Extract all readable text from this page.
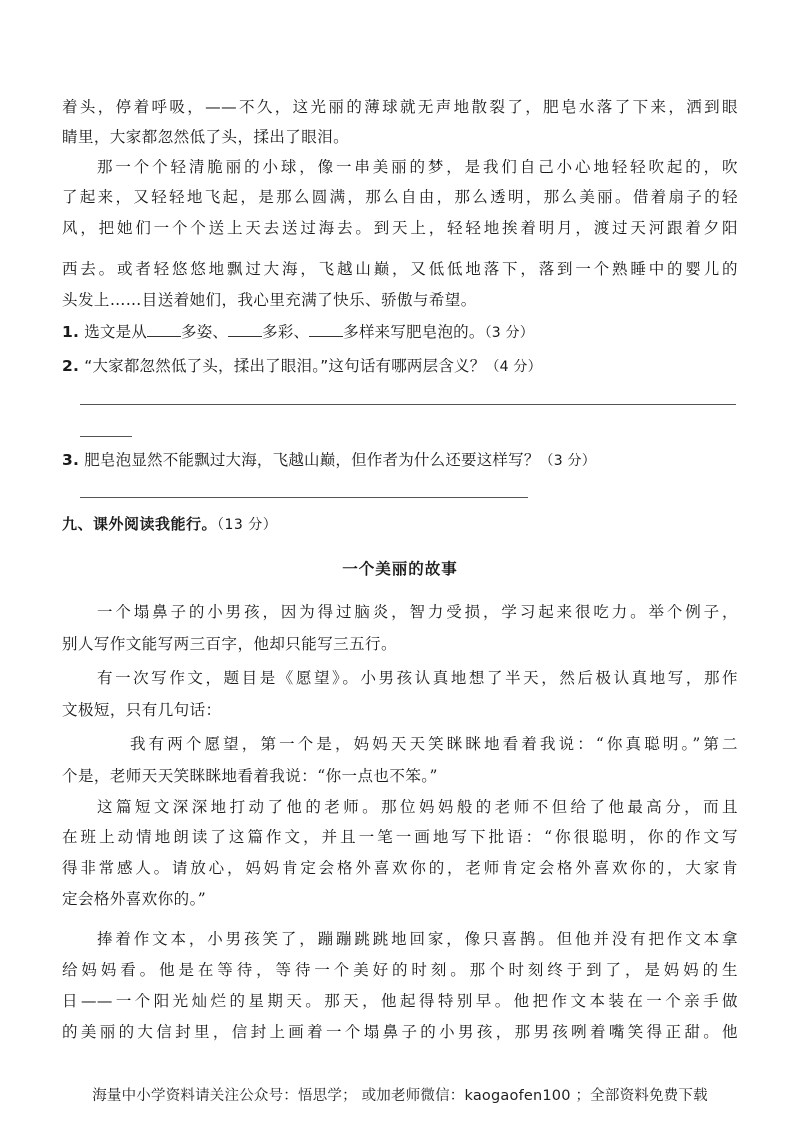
着头，停着呼吸，——不久，这光丽的薄球就无声地散裂了，肥皂水落了下来，洒到眼
睛里，大家都忽然低了头，揉出了眼泪。
那一个个轻清脆丽的小球，像一串美丽的梦，是我们自己小心地轻轻吹起的，吹
了起来，又轻轻地飞起，是那么圆满，那么自由，那么透明，那么美丽。借着扇子的轻
风，把她们一个个送上天去送过海去。到天上，轻轻地挨着明月，渡过天河跟着夕阳
西去。或者轻悠悠地飘过大海，飞越山巅，又低低地落下，落到一个熟睡中的婴儿的
头发上……目送着她们，我心里充满了快乐、骄傲与希望。
1. 选文是从 多姿、 多彩、 多样来写肥皂泡的。（3 分）
2. “大家都忽然低了头，揉出了眼泪。”这句话有哪两层含义？（4 分）
3. 肥皂泡显然不能飘过大海，飞越山巅，但作者为什么还要这样写？（3 分）
九、课外阅读我能行。（13 分）
一个美丽的故事
一个塌鼻子的小男孩，因为得过脑炎，智力受损，学习起来很吃力。举个例子，
别人写作文能写两三百字，他却只能写三五行。
有一次写作文，题目是《愿望》。小男孩认真地想了半天，然后极认真地写，那作
文极短，只有几句话：
我有两个愿望，第一个是，妈妈天天笑眯眯地看着我说：“你真聪明。”第二
个是，老师天天笑眯眯地看着我说：“你一点也不笨。”
这篇短文深深地打动了他的老师。那位妈妈般的老师不但给了他最高分，而且
在班上动情地朗读了这篇作文，并且一笔一画地写下批语：“你很聪明，你的作文写
得非常感人。请放心，妈妈肯定会格外喜欢你的，老师肯定会格外喜欢你的，大家肯
定会格外喜欢你的。”
捧着作文本，小男孩笑了，蹦蹦跳跳地回家，像只喜鹊。但他并没有把作文本拿
给妈妈看。他是在等待，等待一个美好的时刻。那个时刻终于到了，是妈妈的生
日——一个阳光灿烂的星期天。那天，他起得特别早。他把作文本装在一个亲手做
的美丽的大信封里，信封上画着一个塌鼻子的小男孩，那男孩咧着嘴笑得正甜。他
海量中小学资料请关注公众号：悟思学； 或加老师微信：kaogaofen100 ；全部资料免费下载
